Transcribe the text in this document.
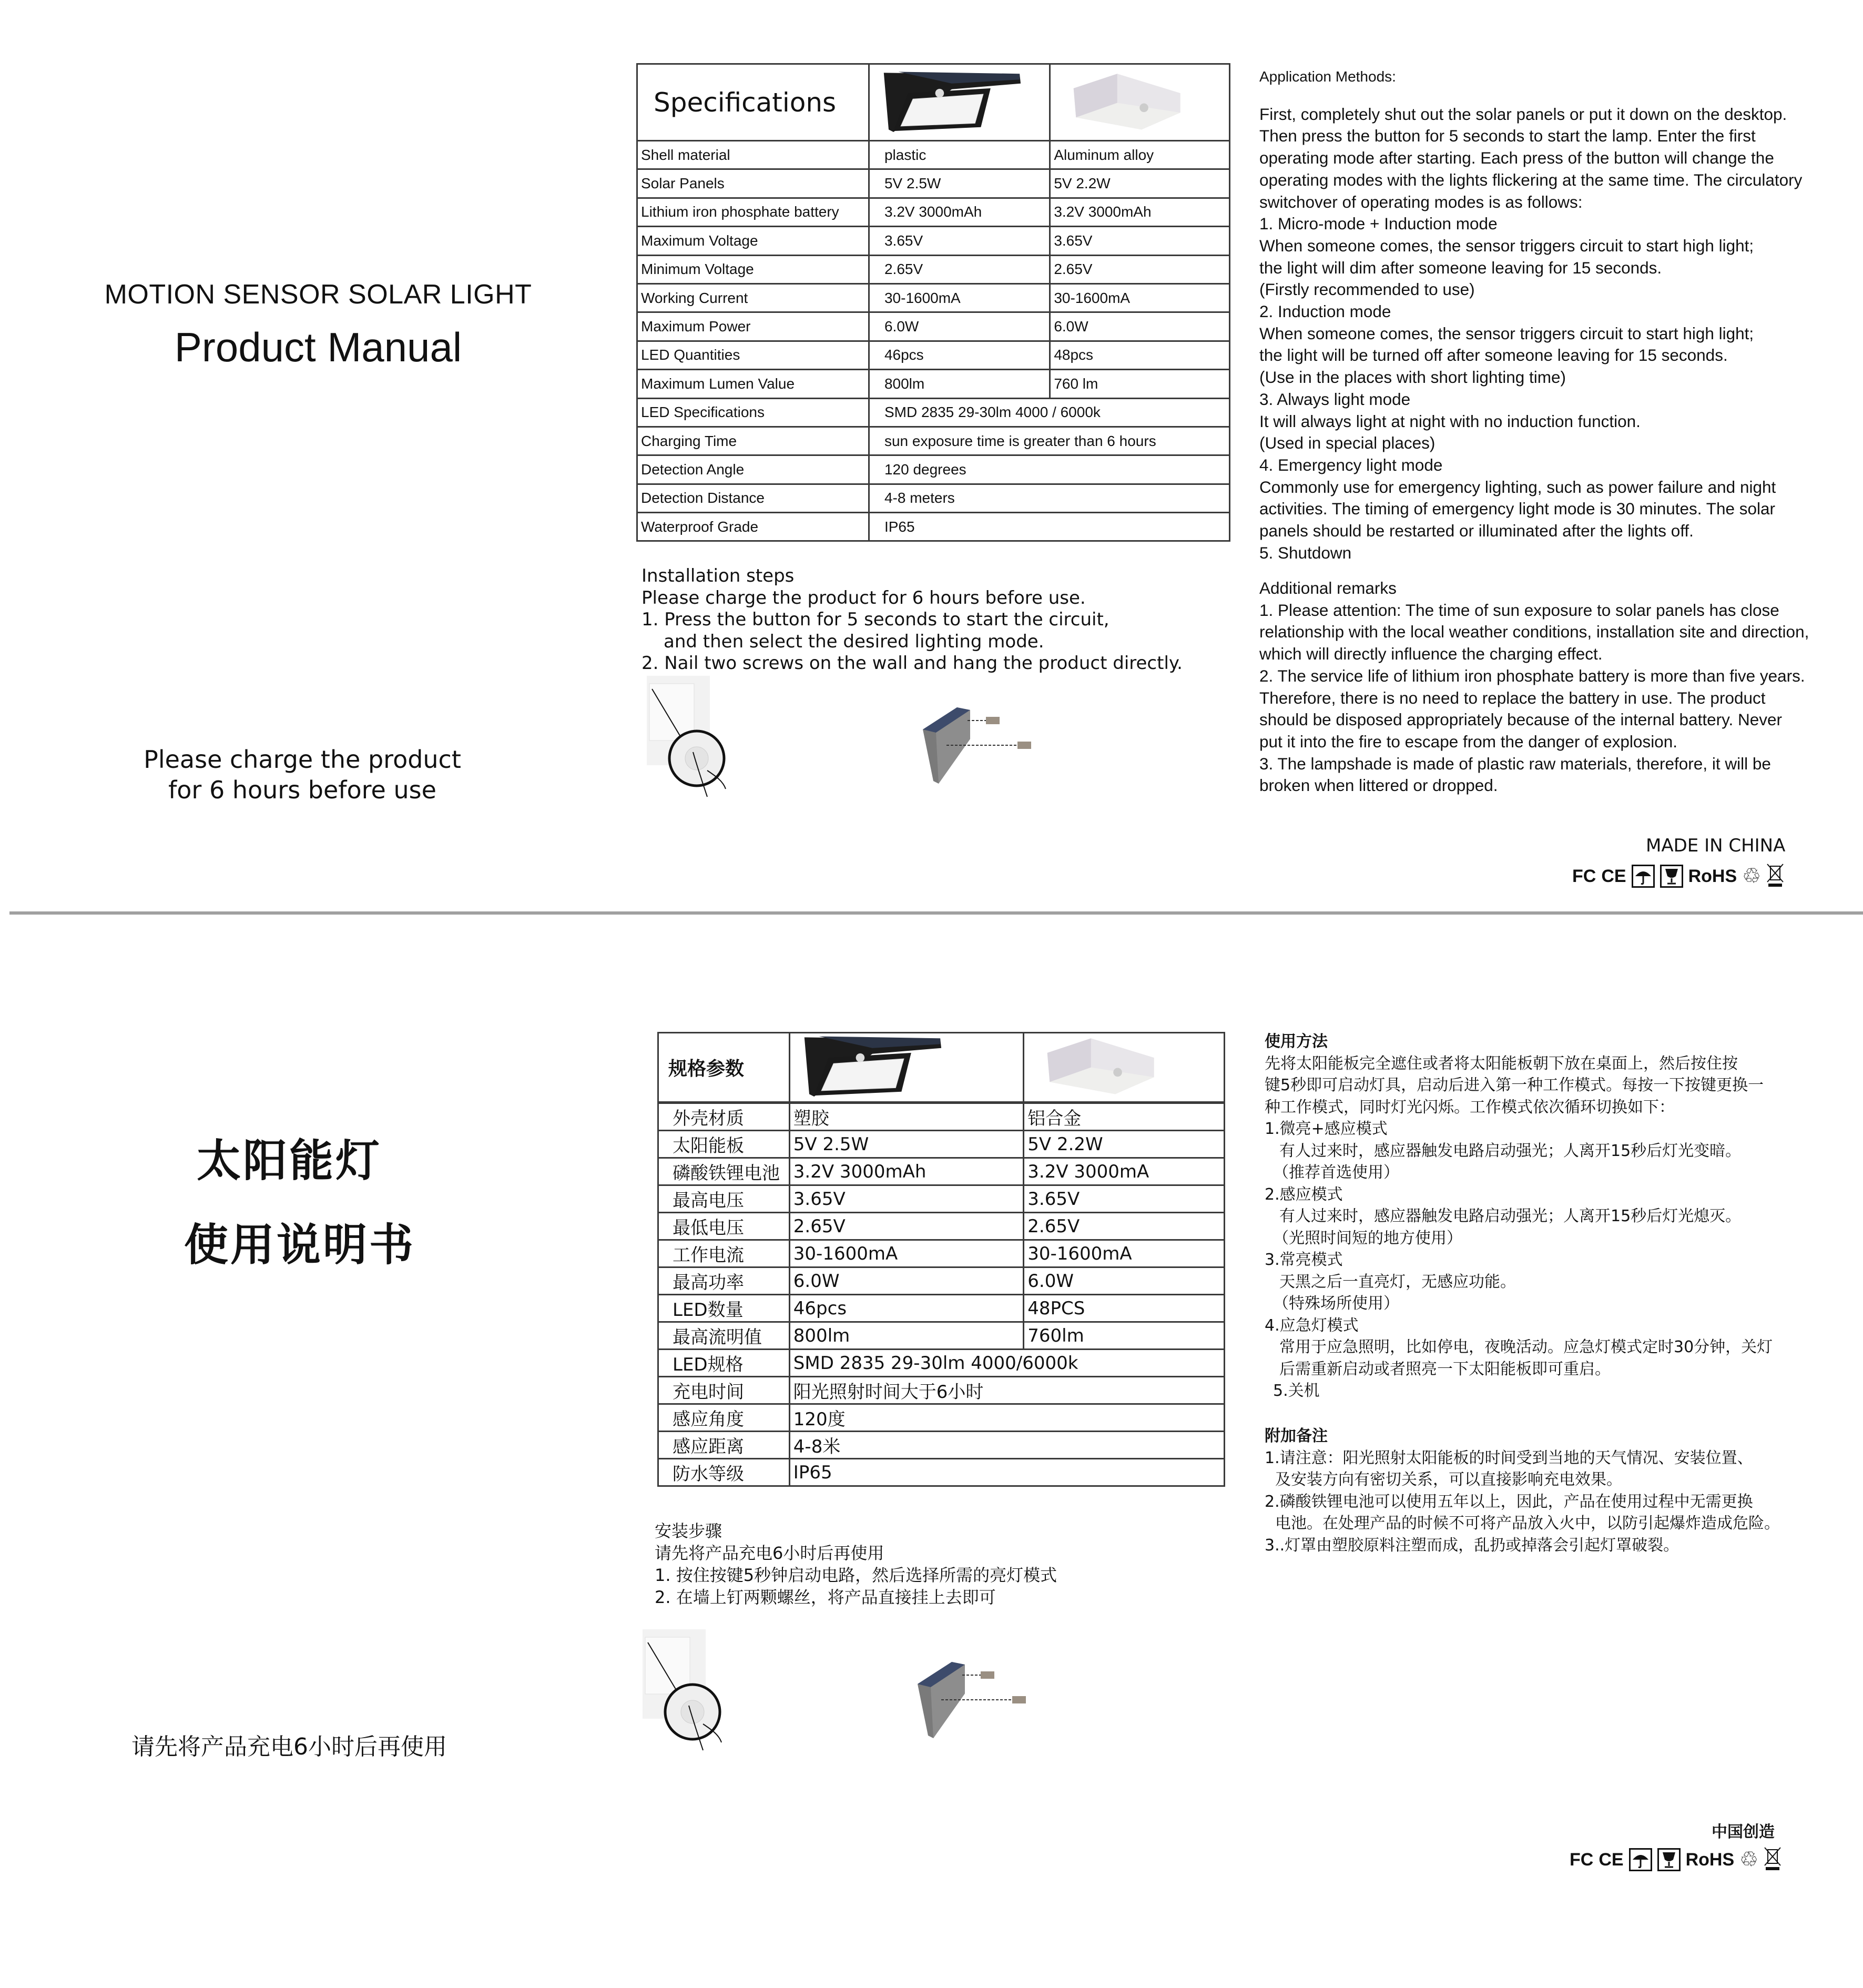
MOTION SENSOR SOLAR LIGHT
Product Manual
Please charge the product
for 6 hours before use
Specifications		
Shell material	plastic	Aluminum alloy
Solar Panels	5V 2.5W	5V 2.2W
Lithium iron phosphate battery	3.2V 3000mAh	3.2V 3000mAh
Maximum Voltage	3.65V	3.65V
Minimum Voltage	2.65V	2.65V
Working Current	30-1600mA	30-1600mA
Maximum Power	6.0W	6.0W
LED Quantities	46pcs	48pcs
Maximum Lumen Value	800lm	760 lm
LED Specifications	SMD 2835 29-30lm 4000 / 6000k	
Charging Time	sun exposure time is greater than 6 hours	
Detection Angle	120 degrees	
Detection Distance	4-8 meters	
Waterproof Grade	IP65	
Installation steps
Please charge the product for 6 hours before use.
1. Press the button for 5 seconds to start the circuit,
and then select the desired lighting mode.
2. Nail two screws on the wall and hang the product directly.
Application Methods:
First, completely shut out the solar panels or put it down on the desktop.
Then press the button for 5 seconds to start the lamp. Enter the first
operating mode after starting. Each press of the button will change the
operating modes with the lights flickering at the same time. The circulatory
switchover of operating modes is as follows:
1. Micro-mode + Induction mode
When someone comes, the sensor triggers circuit to start high light;
the light will dim after someone leaving for 15 seconds.
(Firstly recommended to use)
2. Induction mode
When someone comes, the sensor triggers circuit to start high light;
the light will be turned off after someone leaving for 15 seconds.
(Use in the places with short lighting time)
3. Always light mode
It will always light at night with no induction function.
(Used in special places)
4. Emergency light mode
Commonly use for emergency lighting, such as power failure and night
activities. The timing of emergency light mode is 30 minutes. The solar
panels should be restarted or illuminated after the lights off.
5. Shutdown
Additional remarks
1. Please attention: The time of sun exposure to solar panels has close
relationship with the local weather conditions, installation site and direction,
which will directly influence the charging effect.
2. The service life of lithium iron phosphate battery is more than five years.
Therefore, there is no need to replace the battery in use. The product
should be disposed appropriately because of the internal battery. Never
put it into the fire to escape from the danger of explosion.
3. The lampshade is made of plastic raw materials, therefore, it will be
broken when littered or dropped.
MADE IN CHINA
FC CE	RoHS ♲
太阳能灯
使用说明书
请先将产品充电6小时后再使用
规格参数		
外壳材质	塑胶	铝合金
太阳能板	5V 2.5W	5V 2.2W
磷酸铁锂电池	3.2V 3000mAh	3.2V 3000mA
最高电压	3.65V	3.65V
最低电压	2.65V	2.65V
工作电流	30-1600mA	30-1600mA
最高功率	6.0W	6.0W
LED数量	46pcs	48PCS
最高流明值	800lm	760lm
LED规格	SMD 2835 29-30lm 4000/6000k	
充电时间	阳光照射时间大于6小时	
感应角度	120度	
感应距离	4-8米	
防水等级	IP65	
安装步骤
请先将产品充电6小时后再使用
1. 按住按键5秒钟启动电路，然后选择所需的亮灯模式
2. 在墙上钉两颗螺丝，将产品直接挂上去即可
使用方法
先将太阳能板完全遮住或者将太阳能板朝下放在桌面上，然后按住按
键5秒即可启动灯具，启动后进入第一种工作模式。每按一下按键更换一
种工作模式，同时灯光闪烁。工作模式依次循环切换如下：
1.微亮+感应模式
有人过来时，感应器触发电路启动强光；人离开15秒后灯光变暗。
（推荐首选使用）
2.感应模式
有人过来时，感应器触发电路启动强光；人离开15秒后灯光熄灭。
（光照时间短的地方使用）
3.常亮模式
天黑之后一直亮灯，无感应功能。
（特殊场所使用）
4.应急灯模式
常用于应急照明，比如停电，夜晚活动。应急灯模式定时30分钟，关灯
后需重新启动或者照亮一下太阳能板即可重启。
5.关机
附加备注
1.请注意：阳光照射太阳能板的时间受到当地的天气情况、安装位置、
及安装方向有密切关系，可以直接影响充电效果。
2.磷酸铁锂电池可以使用五年以上，因此，产品在使用过程中无需更换
电池。在处理产品的时候不可将产品放入火中，以防引起爆炸造成危险。
3..灯罩由塑胶原料注塑而成，乱扔或掉落会引起灯罩破裂。
中国创造
FC CE	RoHS ♲
